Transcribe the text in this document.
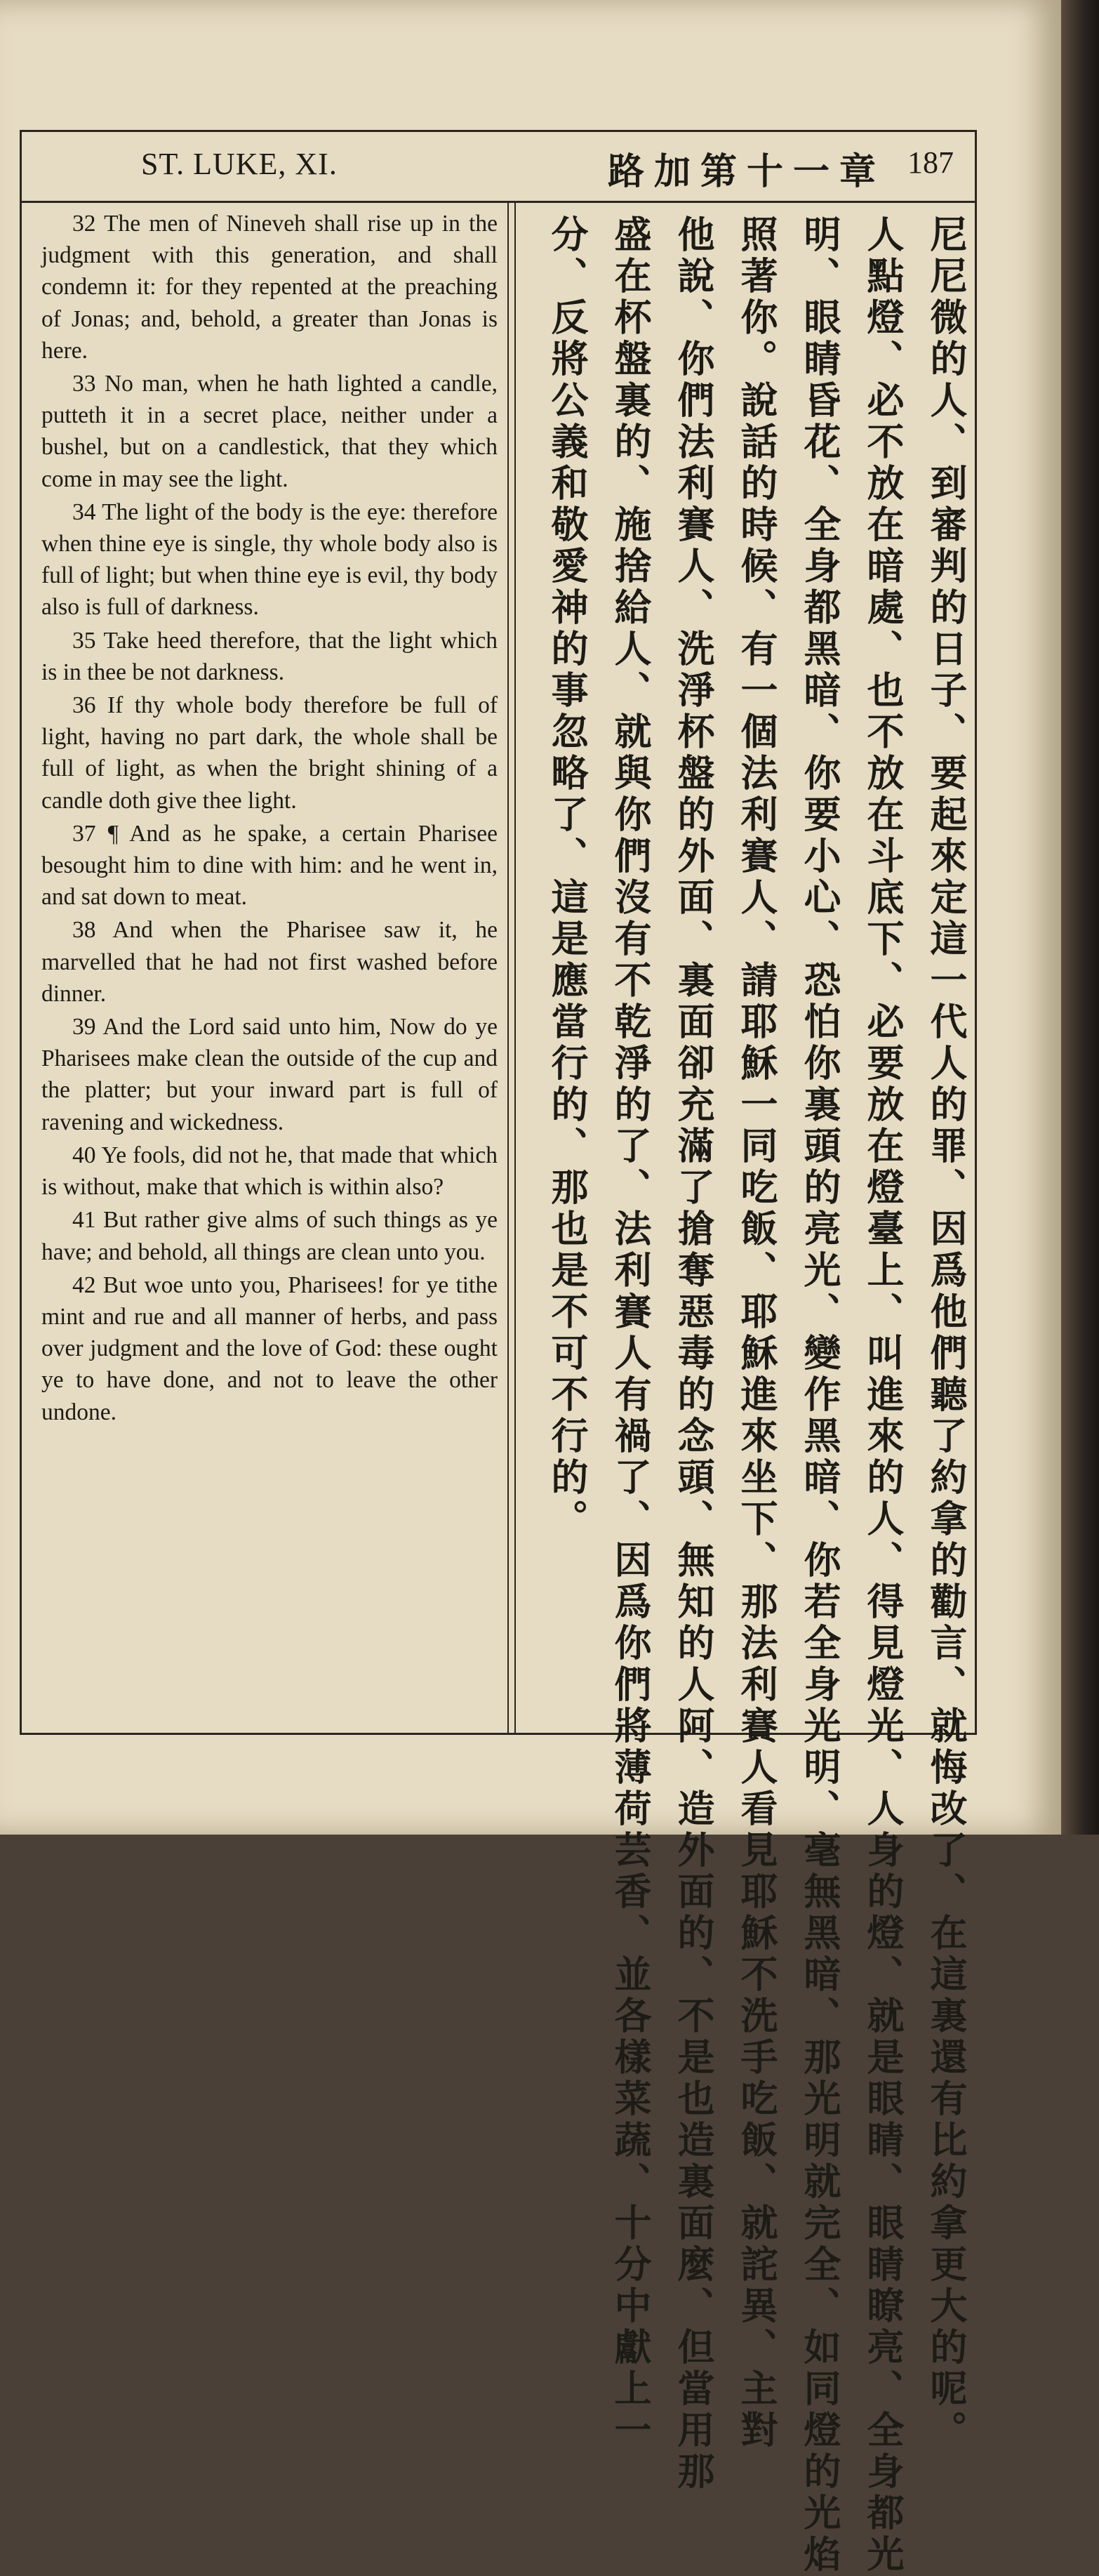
ST. LUKE, XI.	路加第十一章 187

32 The men of Nineveh shall rise up in the judgment with this generation, and shall condemn it: for they repented at the preaching of Jonas; and, behold, a greater than Jonas is here.

33 No man, when he hath lighted a candle, putteth it in a secret place, neither under a bushel, but on a candlestick, that they which come in may see the light.

34 The light of the body is the eye: therefore when thine eye is single, thy whole body also is full of light; but when thine eye is evil, thy body also is full of darkness.

35 Take heed therefore, that the light which is in thee be not darkness.

36 If thy whole body therefore be full of light, having no part dark, the whole shall be full of light, as when the bright shining of a candle doth give thee light.

37 ¶ And as he spake, a certain Pharisee besought him to dine with him: and he went in, and sat down to meat.

38 And when the Pharisee saw it, he marvelled that he had not first washed before dinner.

39 And the Lord said unto him, Now do ye Pharisees make clean the outside of the cup and the platter; but your inward part is full of ravening and wickedness.

40 Ye fools, did not he, that made that which is without, make that which is within also?

41 But rather give alms of such things as ye have; and behold, all things are clean unto you.

42 But woe unto you, Pharisees! for ye tithe mint and rue and all manner of herbs, and pass over judgment and the love of God: these ought ye to have done, and not to leave the other undone.	尼尼微的人、到審判的日子、要起來定這一代人的罪、因爲他們聽了約拿的勸言、就悔改了、在這裏還有比約拿更大的呢。
人點燈、必不放在暗處、也不放在斗底下、必要放在燈臺上、叫進來的人、得見燈光、人身的燈、就是眼睛、眼睛瞭亮、全身都光
明、眼睛昏花、全身都黑暗、你要小心、恐怕你裏頭的亮光、變作黑暗、你若全身光明、毫無黑暗、那光明就完全、如同燈的光焰
照著你。說話的時候、有一個法利賽人、請耶穌一同吃飯、耶穌進來坐下、那法利賽人看見耶穌不洗手吃飯、就詫異、主對
他說、你們法利賽人、洗淨杯盤的外面、裏面卻充滿了搶奪惡毒的念頭、無知的人阿、造外面的、不是也造裏面麼、但當用那
盛在杯盤裏的、施捨給人、就與你們沒有不乾淨的了、法利賽人有禍了、因爲你們將薄荷芸香、並各樣菜蔬、十分中獻上一
分、反將公義和敬愛神的事忽略了、這是應當行的、那也是不可不行的。
